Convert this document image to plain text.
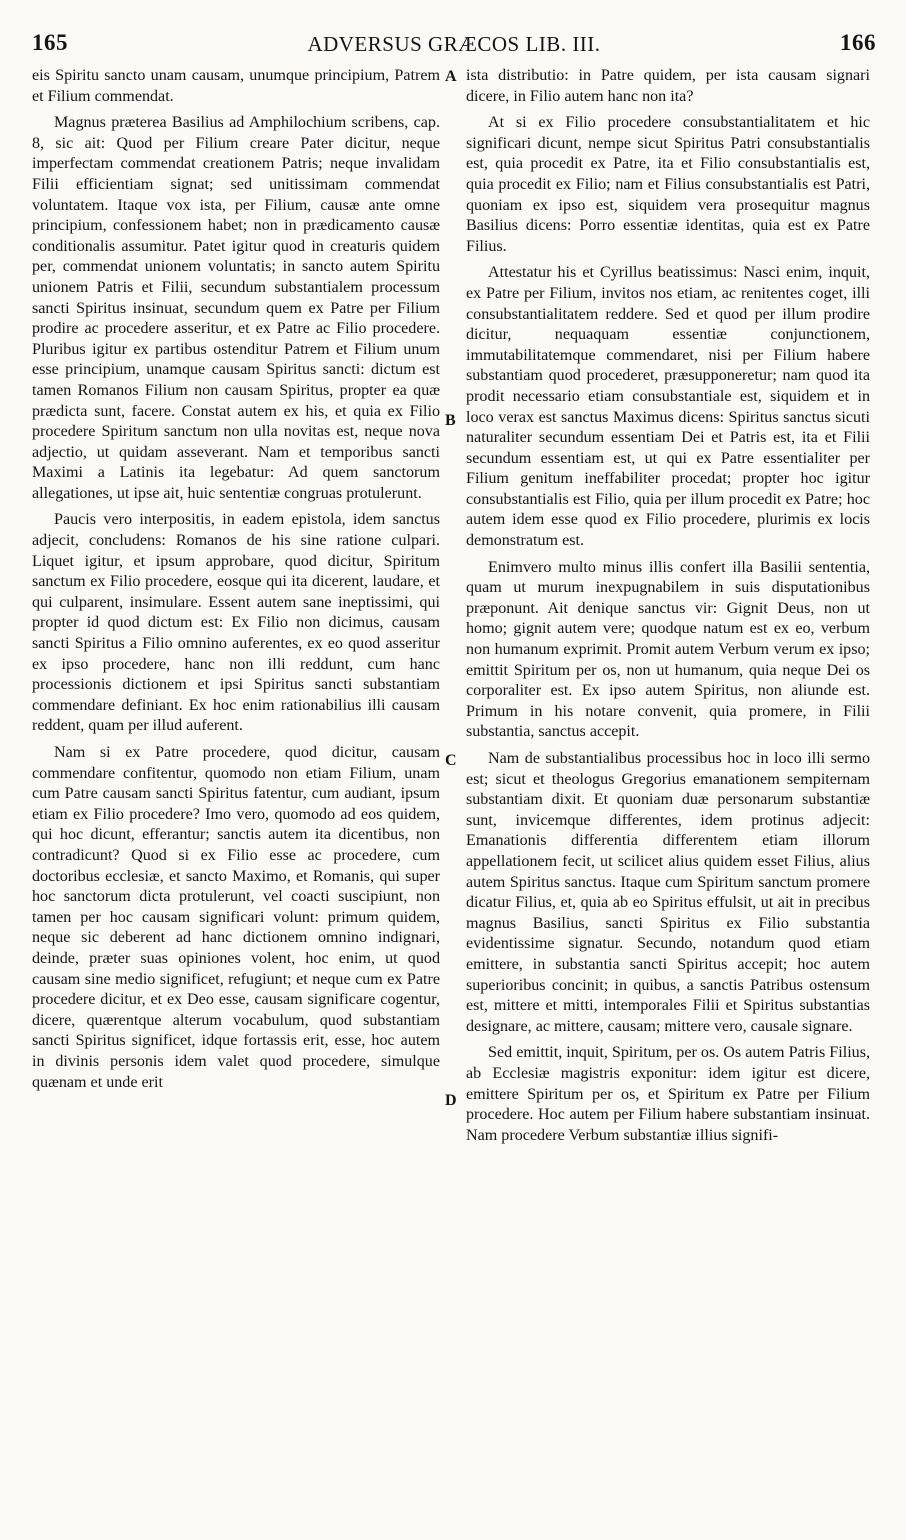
165	ADVERSUS GRÆCOS LIB. III.	166

eis Spiritu sancto unam causam, unumque principium, Patrem et Filium commendat.

Magnus præterea Basilius ad Amphilochium scribens, cap. 8, sic ait: Quod per Filium creare Pater dicitur, neque imperfectam commendat creationem Patris; neque invalidam Filii efficientiam signat; sed unitissimam commendat voluntatem. Itaque vox ista, per Filium, causæ ante omne principium, confessionem habet; non in prædicamento causæ conditionalis assumitur. Patet igitur quod in creaturis quidem per, commendat unionem voluntatis; in sancto autem Spiritu unionem Patris et Filii, secundum substantialem processum sancti Spiritus insinuat, secundum quem ex Patre per Filium prodire ac procedere asseritur, et ex Patre ac Filio procedere. Pluribus igitur ex partibus ostenditur Patrem et Filium unum esse principium, unamque causam Spiritus sancti: dictum est tamen Romanos Filium non causam Spiritus, propter ea quæ prædicta sunt, facere. Constat autem ex his, et quia ex Filio procedere Spiritum sanctum non ulla novitas est, neque nova adjectio, ut quidam asseverant. Nam et temporibus sancti Maximi a Latinis ita legebatur: Ad quem sanctorum allegationes, ut ipse ait, huic sententiæ congruas protulerunt.

Paucis vero interpositis, in eadem epistola, idem sanctus adjecit, concludens: Romanos de his sine ratione culpari. Liquet igitur, et ipsum approbare, quod dicitur, Spiritum sanctum ex Filio procedere, eosque qui ita dicerent, laudare, et qui culparent, insimulare. Essent autem sane ineptissimi, qui propter id quod dictum est: Ex Filio non dicimus, causam sancti Spiritus a Filio omnino auferentes, ex eo quod asseritur ex ipso procedere, hanc non illi reddunt, cum hanc processionis dictionem et ipsi Spiritus sancti substantiam commendare definiant. Ex hoc enim rationabilius illi causam reddent, quam per illud auferent.

Nam si ex Patre procedere, quod dicitur, causam commendare confitentur, quomodo non etiam Filium, unam cum Patre causam sancti Spiritus fatentur, cum audiant, ipsum etiam ex Filio procedere? Imo vero, quomodo ad eos quidem, qui hoc dicunt, efferantur; sanctis autem ita dicentibus, non contradicunt? Quod si ex Filio esse ac procedere, cum doctoribus ecclesiæ, et sancto Maximo, et Romanis, qui super hoc sanctorum dicta protulerunt, vel coacti suscipiunt, non tamen per hoc causam significari volunt: primum quidem, neque sic deberent ad hanc dictionem omnino indignari, deinde, præter suas opiniones volent, hoc enim, ut quod causam sine medio significet, refugiunt; et neque cum ex Patre procedere dicitur, et ex Deo esse, causam significare cogentur, dicere, quærentque alterum vocabulum, quod substantiam sancti Spiritus significet, idque fortassis erit, esse, hoc autem in divinis personis idem valet quod procedere, simulque quænam et unde erit

A
B
C
D

ista distributio: in Patre quidem, per ista causam signari dicere, in Filio autem hanc non ita?

At si ex Filio procedere consubstantialitatem et hic significari dicunt, nempe sicut Spiritus Patri consubstantialis est, quia procedit ex Patre, ita et Filio consubstantialis est, quia procedit ex Filio; nam et Filius consubstantialis est Patri, quoniam ex ipso est, siquidem vera prosequitur magnus Basilius dicens: Porro essentiæ identitas, quia est ex Patre Filius.

Attestatur his et Cyrillus beatissimus: Nasci enim, inquit, ex Patre per Filium, invitos nos etiam, ac renitentes coget, illi consubstantialitatem reddere. Sed et quod per illum prodire dicitur, nequaquam essentiæ conjunctionem, immutabilitatemque commendaret, nisi per Filium habere substantiam quod procederet, præsupponeretur; nam quod ita prodit necessario etiam consubstantiale est, siquidem et in loco verax est sanctus Maximus dicens: Spiritus sanctus sicuti naturaliter secundum essentiam Dei et Patris est, ita et Filii secundum essentiam est, ut qui ex Patre essentialiter per Filium genitum ineffabiliter procedat; propter hoc igitur consubstantialis est Filio, quia per illum procedit ex Patre; hoc autem idem esse quod ex Filio procedere, plurimis ex locis demonstratum est.

Enimvero multo minus illis confert illa Basilii sententia, quam ut murum inexpugnabilem in suis disputationibus præponunt. Ait denique sanctus vir: Gignit Deus, non ut homo; gignit autem vere; quodque natum est ex eo, verbum non humanum exprimit. Promit autem Verbum verum ex ipso; emittit Spiritum per os, non ut humanum, quia neque Dei os corporaliter est. Ex ipso autem Spiritus, non aliunde est. Primum in his notare convenit, quia promere, in Filii substantia, sanctus accepit.

Nam de substantialibus processibus hoc in loco illi sermo est; sicut et theologus Gregorius emanationem sempiternam substantiam dixit. Et quoniam duæ personarum substantiæ sunt, invicemque differentes, idem protinus adjecit: Emanationis differentia differentem etiam illorum appellationem fecit, ut scilicet alius quidem esset Filius, alius autem Spiritus sanctus. Itaque cum Spiritum sanctum promere dicatur Filius, et, quia ab eo Spiritus effulsit, ut ait in precibus magnus Basilius, sancti Spiritus ex Filio substantia evidentissime signatur. Secundo, notandum quod etiam emittere, in substantia sancti Spiritus accepit; hoc autem superioribus concinit; in quibus, a sanctis Patribus ostensum est, mittere et mitti, intemporales Filii et Spiritus substantias designare, ac mittere, causam; mittere vero, causale signare.

Sed emittit, inquit, Spiritum, per os. Os autem Patris Filius, ab Ecclesiæ magistris exponitur: idem igitur est dicere, emittere Spiritum per os, et Spiritum ex Patre per Filium procedere. Hoc autem per Filium habere substantiam insinuat. Nam procedere Verbum substantiæ illius signifi-
